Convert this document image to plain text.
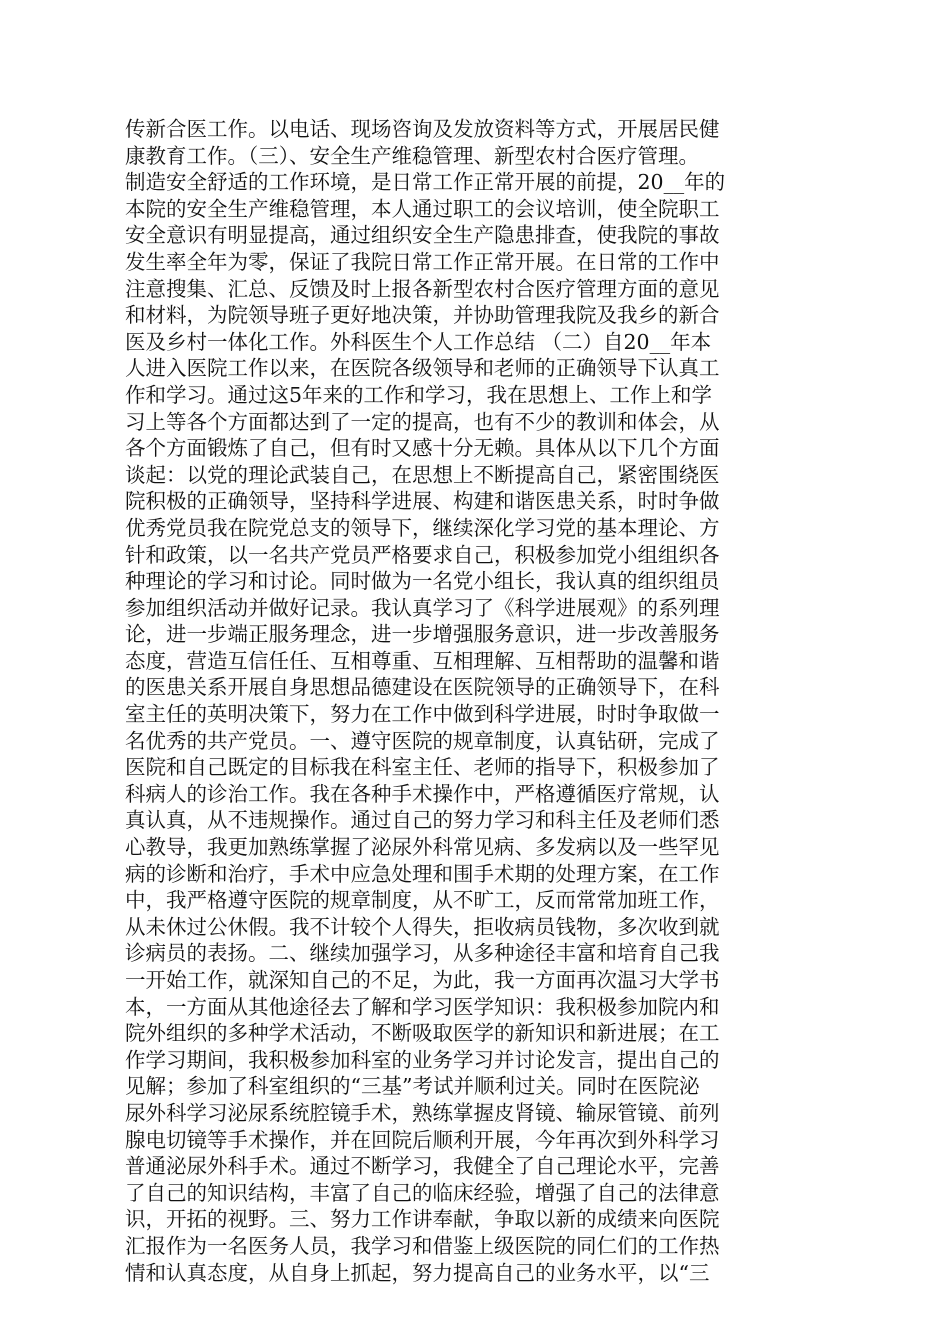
传新合医工作。以电话、现场咨询及发放资料等方式，开展居民健
康教育工作。（三）、安全生产维稳管理、新型农村合医疗管理。
制造安全舒适的工作环境，是日常工作正常开展的前提，20__年的
本院的安全生产维稳管理，本人通过职工的会议培训，使全院职工
安全意识有明显提高，通过组织安全生产隐患排查，使我院的事故
发生率全年为零，保证了我院日常工作正常开展。在日常的工作中
注意搜集、汇总、反馈及时上报各新型农村合医疗管理方面的意见
和材料，为院领导班子更好地决策，并协助管理我院及我乡的新合
医及乡村一体化工作。外科医生个人工作总结 （二）自20__年本
人进入医院工作以来，在医院各级领导和老师的正确领导下认真工
作和学习。通过这5年来的工作和学习，我在思想上、工作上和学
习上等各个方面都达到了一定的提高，也有不少的教训和体会，从
各个方面锻炼了自己，但有时又感十分无赖。具体从以下几个方面
谈起：以党的理论武装自己，在思想上不断提高自己，紧密围绕医
院积极的正确领导，坚持科学进展、构建和谐医患关系，时时争做
优秀党员我在院党总支的领导下，继续深化学习党的基本理论、方
针和政策，以一名共产党员严格要求自己，积极参加党小组组织各
种理论的学习和讨论。同时做为一名党小组长，我认真的组织组员
参加组织活动并做好记录。我认真学习了《科学进展观》的系列理
论，进一步端正服务理念，进一步增强服务意识，进一步改善服务
态度，营造互信任任、互相尊重、互相理解、互相帮助的温馨和谐
的医患关系开展自身思想品德建设在医院领导的正确领导下，在科
室主任的英明决策下，努力在工作中做到科学进展，时时争取做一
名优秀的共产党员。一、遵守医院的规章制度，认真钻研，完成了
医院和自己既定的目标我在科室主任、老师的指导下，积极参加了
科病人的诊治工作。我在各种手术操作中，严格遵循医疗常规，认
真认真，从不违规操作。通过自己的努力学习和科主任及老师们悉
心教导，我更加熟练掌握了泌尿外科常见病、多发病以及一些罕见
病的诊断和治疗，手术中应急处理和围手术期的处理方案，在工作
中，我严格遵守医院的规章制度，从不旷工，反而常常加班工作，
从未休过公休假。我不计较个人得失，拒收病员钱物，多次收到就
诊病员的表扬。二、继续加强学习，从多种途径丰富和培育自己我
一开始工作，就深知自己的不足，为此，我一方面再次温习大学书
本，一方面从其他途径去了解和学习医学知识：我积极参加院内和
院外组织的多种学术活动，不断吸取医学的新知识和新进展；在工
作学习期间，我积极参加科室的业务学习并讨论发言，提出自己的
见解；参加了科室组织的“三基”考试并顺利过关。同时在医院泌
尿外科学习泌尿系统腔镜手术，熟练掌握皮肾镜、输尿管镜、前列
腺电切镜等手术操作，并在回院后顺利开展，今年再次到外科学习
普通泌尿外科手术。通过不断学习，我健全了自己理论水平，完善
了自己的知识结构，丰富了自己的临床经验，增强了自己的法律意
识，开拓的视野。三、努力工作讲奉献，争取以新的成绩来向医院
汇报作为一名医务人员，我学习和借鉴上级医院的同仁们的工作热
情和认真态度，从自身上抓起，努力提高自己的业务水平，以“三
